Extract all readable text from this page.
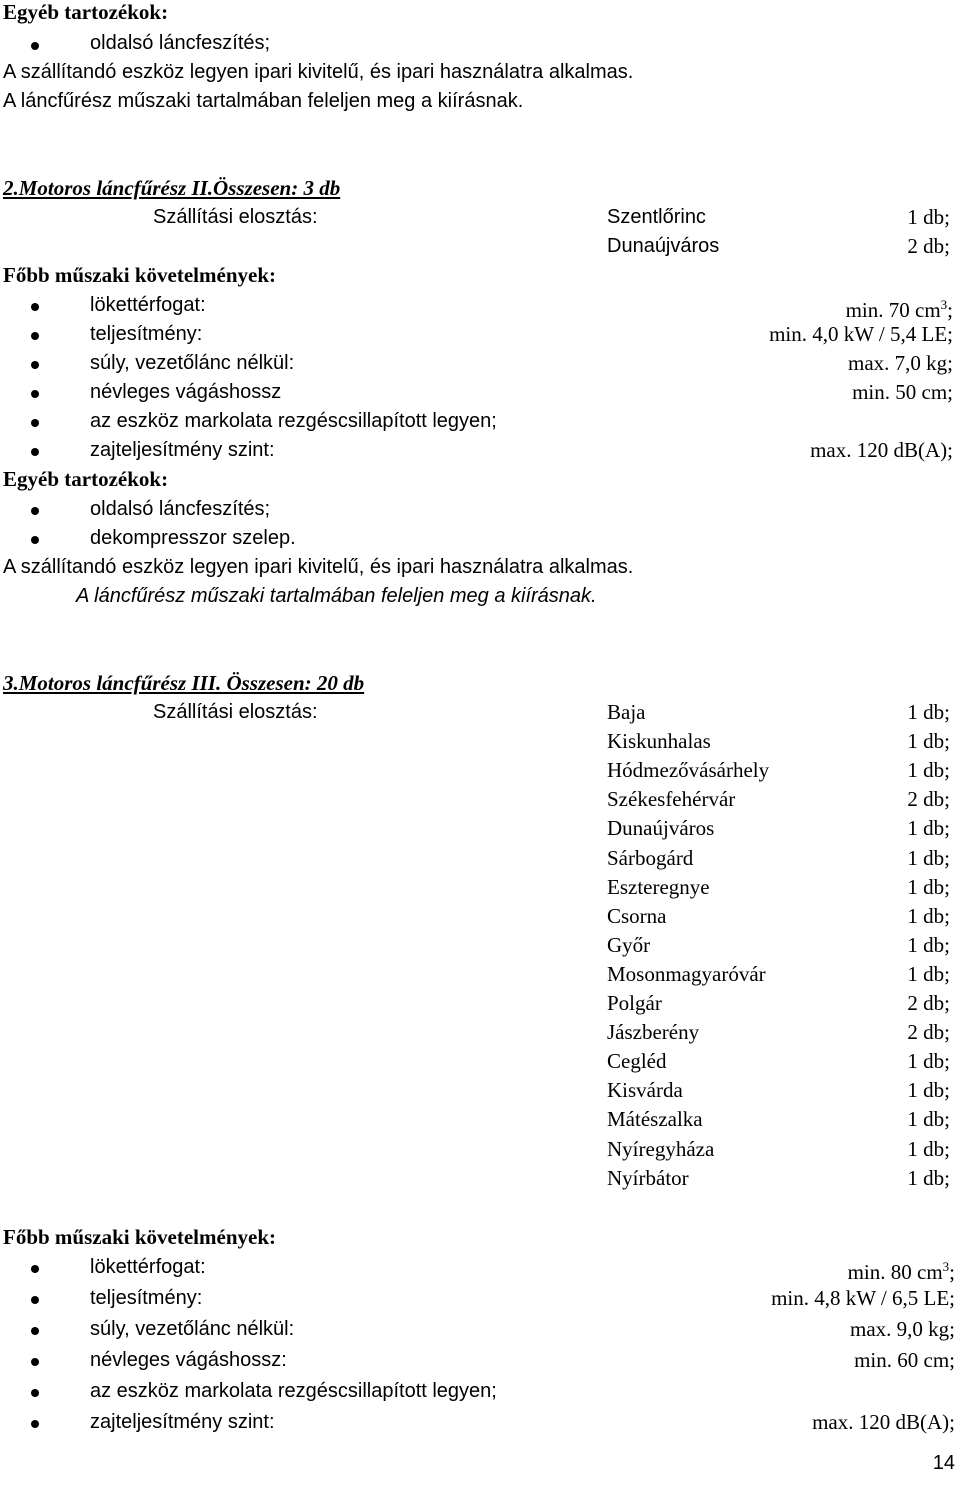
Egyéb tartozékok:
oldalsó láncfeszítés;
A szállítandó eszköz legyen ipari kivitelű, és ipari használatra alkalmas.
A láncfűrész műszaki tartalmában feleljen meg a kiírásnak.
2.Motoros láncfűrész II.Összesen: 3 db
Szállítási elosztás:	Szentlőrinc	1 db;
Dunaújváros	2 db;
Főbb műszaki követelmények:
lökettérfogat:	min. 70 $cm^3$;
teljesítmény:	min. 4,0 kW / 5,4 LE;
súly, vezetőlánc nélkül:	max. 7,0 kg;
névleges vágáshossz	min. 50 cm;
az eszköz markolata rezgéscsillapított legyen;
zajteljesítmény szint:	max. 120 dB(A);
Egyéb tartozékok:
oldalsó láncfeszítés;
dekompresszor szelep.
A szállítandó eszköz legyen ipari kivitelű, és ipari használatra alkalmas.
A láncfűrész műszaki tartalmában feleljen meg a kiírásnak.
3.Motoros láncfűrész III. Összesen: 20 db
Szállítási elosztás:	Baja	1 db;
Kiskunhalas	1 db;
Hódmezővásárhely	1 db;
Székesfehérvár	2 db;
Dunaújváros	1 db;
Sárbogárd	1 db;
Eszteregnye	1 db;
Csorna	1 db;
Győr	1 db;
Mosonmagyaróvár	1 db;
Polgár	2 db;
Jászberény	2 db;
Cegléd	1 db;
Kisvárda	1 db;
Mátészalka	1 db;
Nyíregyháza	1 db;
Nyírbátor	1 db;
Főbb műszaki követelmények:
lökettérfogat:	min. 80 $cm^3$;
teljesítmény:	min. 4,8 kW / 6,5 LE;
súly, vezetőlánc nélkül:	max. 9,0 kg;
névleges vágáshossz:	min. 60 cm;
az eszköz markolata rezgéscsillapított legyen;
zajteljesítmény szint:	max. 120 dB(A);
14
